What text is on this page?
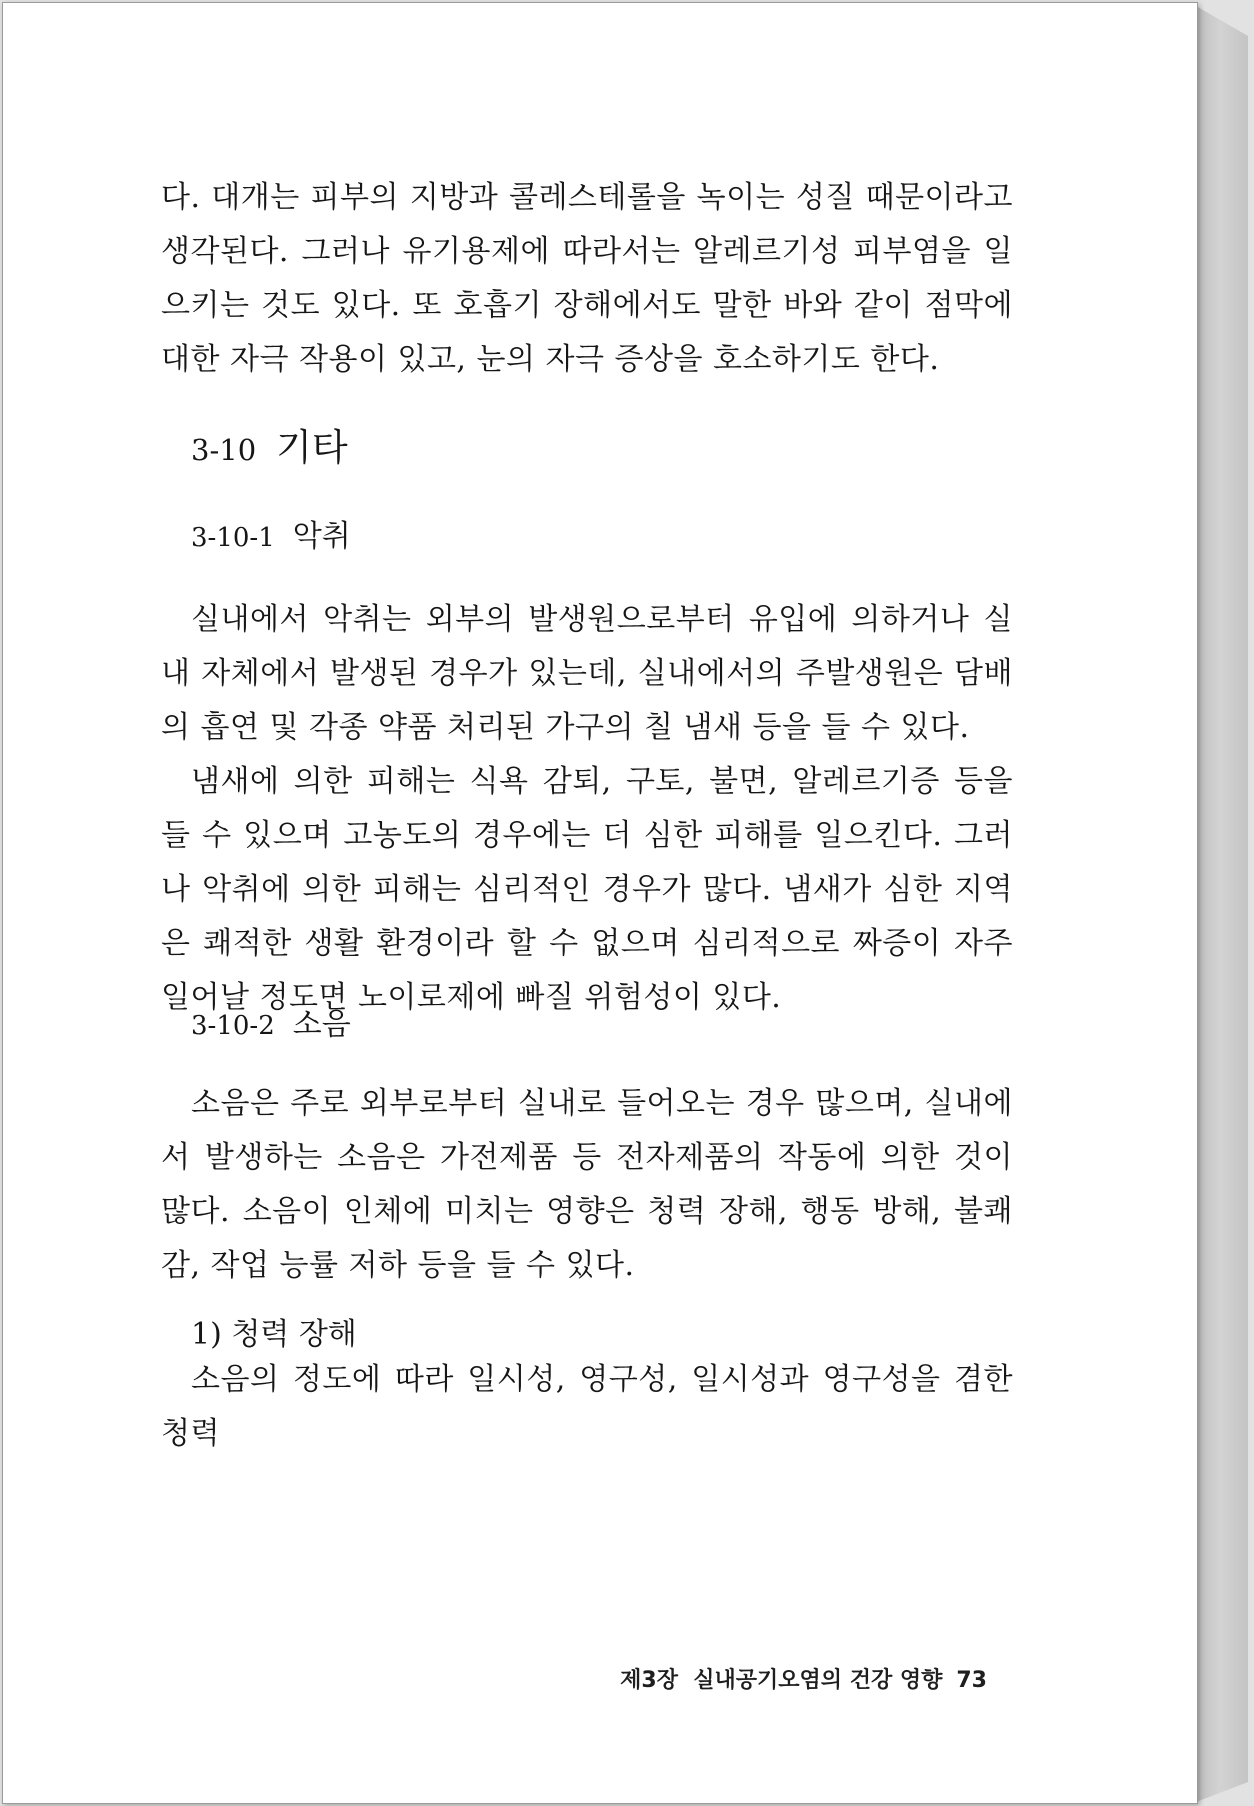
다. 대개는 피부의 지방과 콜레스테롤을 녹이는 성질 때문이라고 생각된다. 그러나 유기용제에 따라서는 알레르기성 피부염을 일으키는 것도 있다. 또 호흡기 장해에서도 말한 바와 같이 점막에 대한 자극 작용이 있고, 눈의 자극 증상을 호소하기도 한다.

3-10 기타
3-10-1 악취

실내에서 악취는 외부의 발생원으로부터 유입에 의하거나 실내 자체에서 발생된 경우가 있는데, 실내에서의 주발생원은 담배의 흡연 및 각종 약품 처리된 가구의 칠 냄새 등을 들 수 있다.

냄새에 의한 피해는 식욕 감퇴, 구토, 불면, 알레르기증 등을 들 수 있으며 고농도의 경우에는 더 심한 피해를 일으킨다. 그러나 악취에 의한 피해는 심리적인 경우가 많다. 냄새가 심한 지역은 쾌적한 생활 환경이라 할 수 없으며 심리적으로 짜증이 자주 일어날 정도면 노이로제에 빠질 위험성이 있다.

3-10-2 소음

소음은 주로 외부로부터 실내로 들어오는 경우 많으며, 실내에서 발생하는 소음은 가전제품 등 전자제품의 작동에 의한 것이 많다. 소음이 인체에 미치는 영향은 청력 장해, 행동 방해, 불쾌감, 작업 능률 저하 등을 들 수 있다.

1) 청력 장해

소음의 정도에 따라 일시성, 영구성, 일시성과 영구성을 겸한 청력

제3장  실내공기오염의 건강 영향 73
